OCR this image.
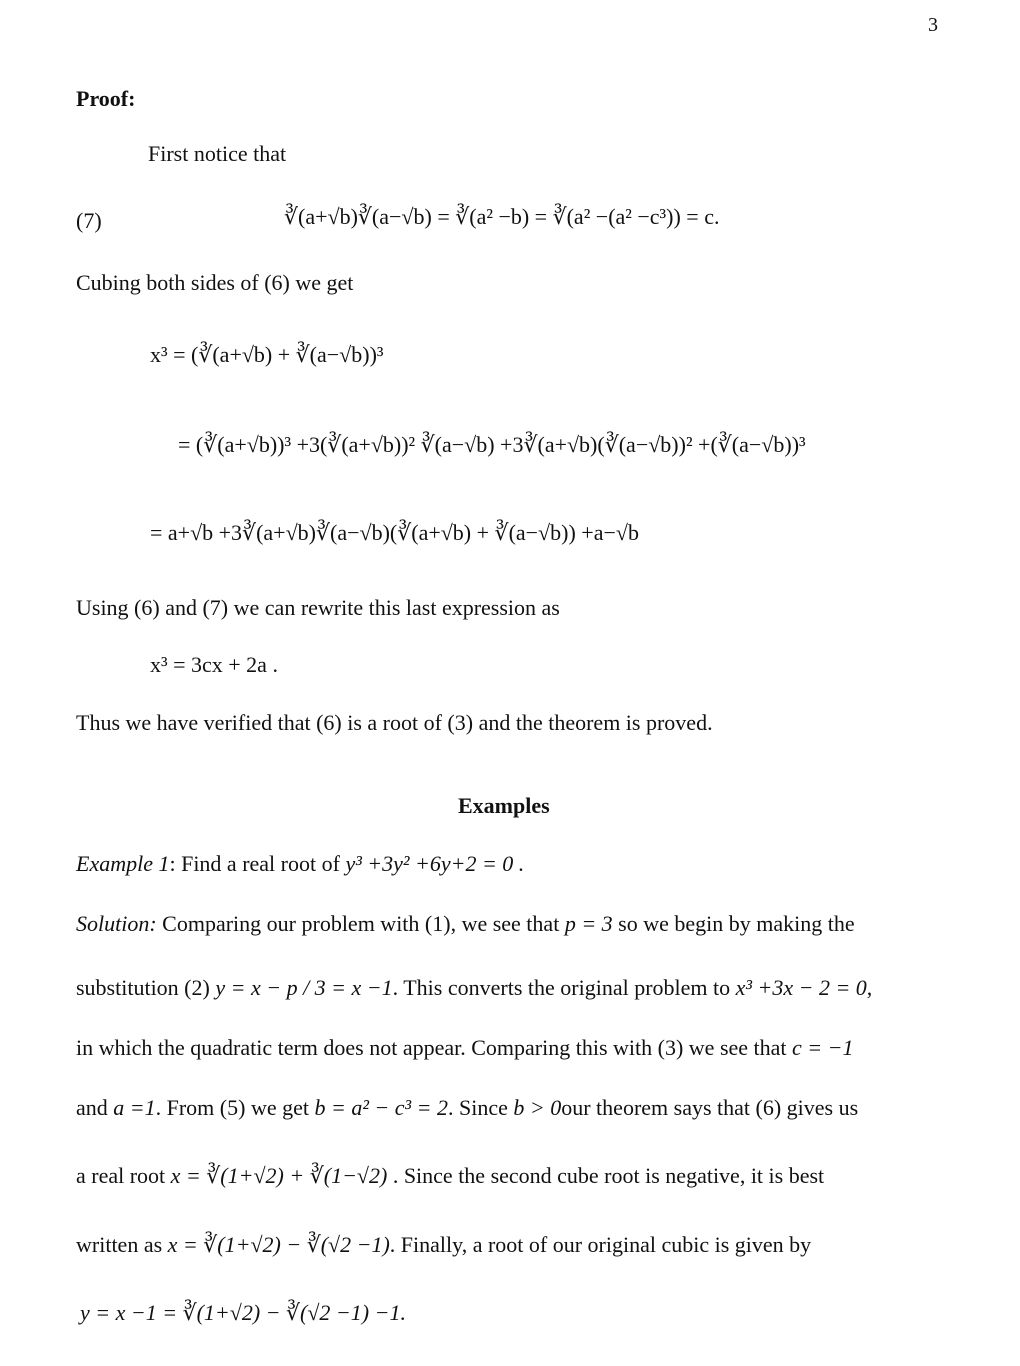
3
Proof:
First notice that
(7)	∛(a+√b)∛(a−√b) = ∛(a² −b) = ∛(a² −(a² −c³)) = c.
Cubing both sides of (6) we get
x³ = (∛(a+√b) + ∛(a−√b))³
= (∛(a+√b))³ +3(∛(a+√b))² ∛(a−√b) +3∛(a+√b)(∛(a−√b))² +(∛(a−√b))³
= a+√b +3∛(a+√b)∛(a−√b)(∛(a+√b) + ∛(a−√b)) +a−√b
Using (6) and (7) we can rewrite this last expression as
x³ = 3cx + 2a .
Thus we have verified that (6) is a root of (3) and the theorem is proved.
Examples
Example 1: Find a real root of y³ +3y² +6y+2 = 0 .
Solution: Comparing our problem with (1), we see that p = 3 so we begin by making the
substitution (2) y = x − p / 3 = x −1. This converts the original problem to x³ +3x − 2 = 0,
in which the quadratic term does not appear. Comparing this with (3) we see that c = −1
and a =1. From (5) we get b = a² − c³ = 2. Since b > 0our theorem says that (6) gives us
a real root x = ∛(1+√2) + ∛(1−√2) . Since the second cube root is negative, it is best
written as x = ∛(1+√2) − ∛(√2 −1). Finally, a root of our original cubic is given by
y = x −1 = ∛(1+√2) − ∛(√2 −1) −1.
